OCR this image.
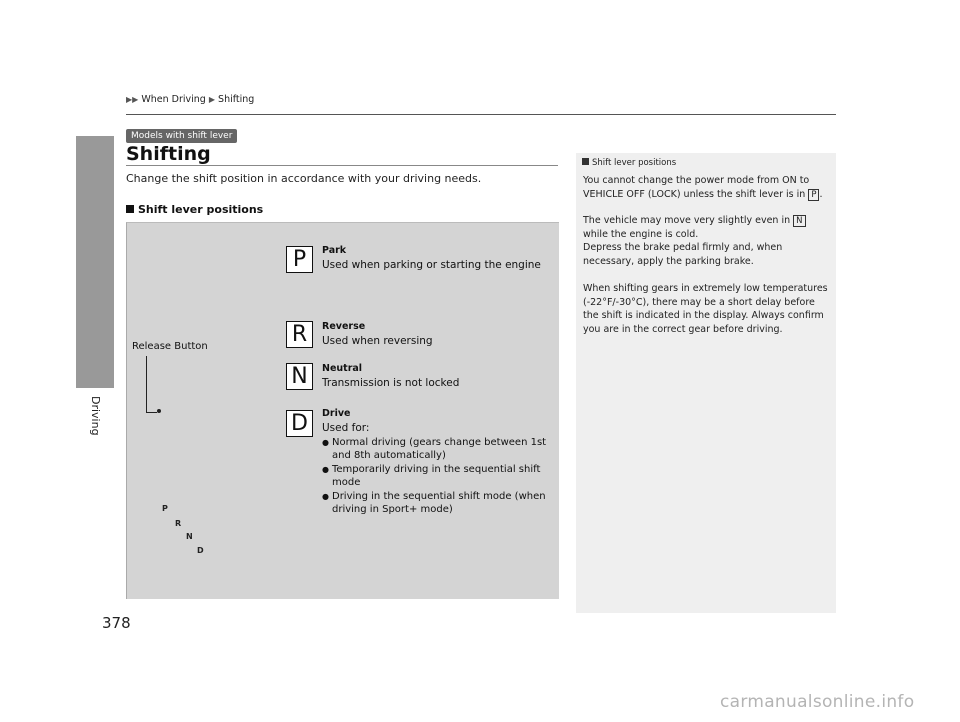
Driving
▶▶ When Driving ▶ Shifting
Models with shift lever
Shifting
Change the shift position in accordance with your driving needs.
Shift lever positions
Release Button
P
R
N
D
P	Park
Used when parking or starting the engine
R	Reverse
Used when reversing
N	Neutral
Transmission is not locked
D	Drive
Used for:
● Normal driving (gears change between 1st and 8th automatically)
● Temporarily driving in the sequential shift mode
● Driving in the sequential shift mode (when driving in Sport+ mode)
Shift lever positions
You cannot change the power mode from ON to VEHICLE OFF (LOCK) unless the shift lever is in P .
The vehicle may move very slightly even in N while the engine is cold.
Depress the brake pedal firmly and, when necessary, apply the parking brake.
When shifting gears in extremely low temperatures (-22°F/-30°C), there may be a short delay before the shift is indicated in the display. Always confirm you are in the correct gear before driving.
378
carmanualsonline.info
